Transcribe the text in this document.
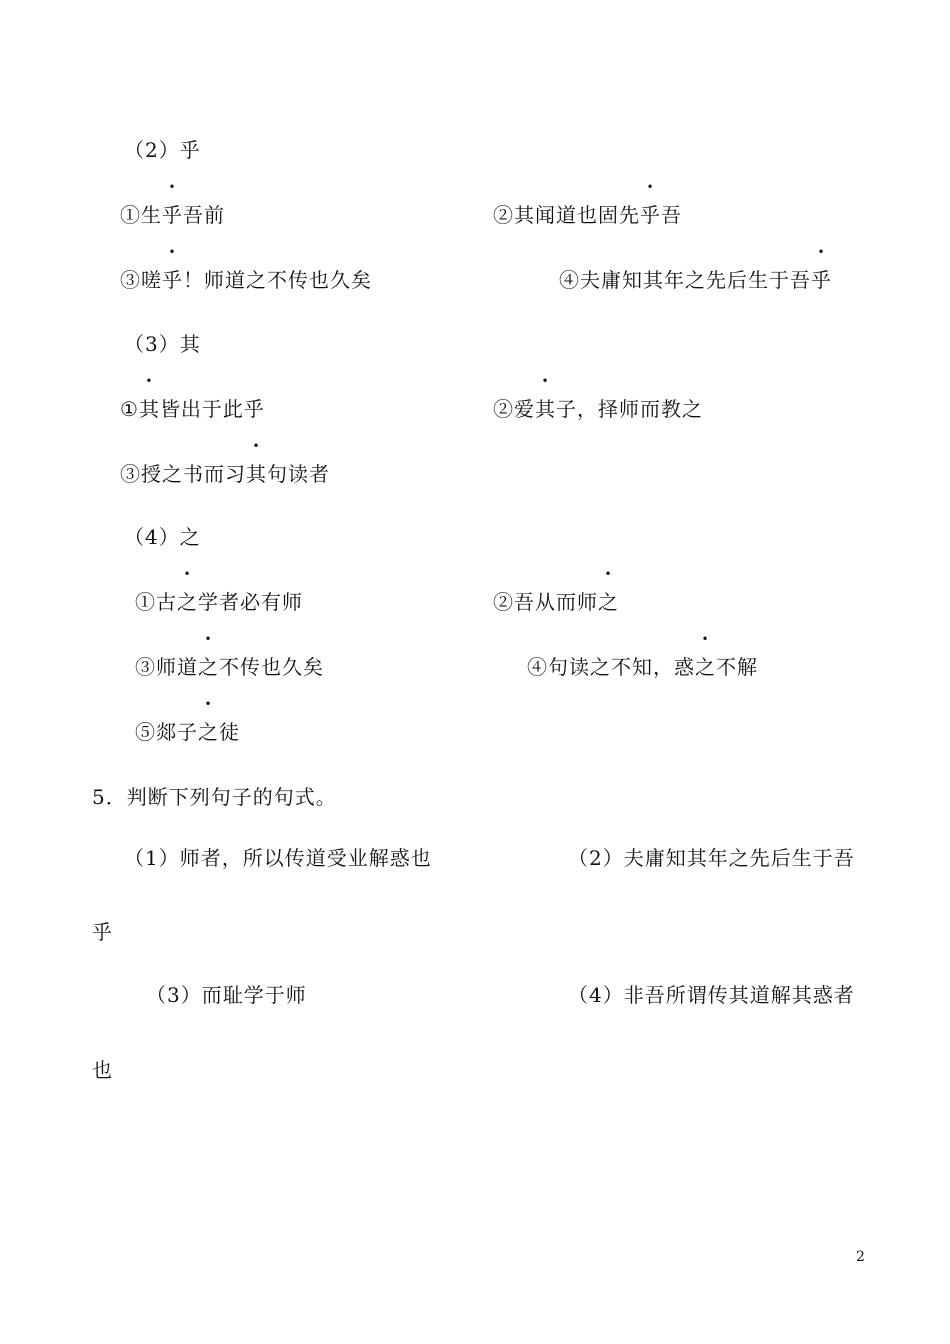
（2）乎
①生乎吾前	②其闻道也固先乎吾
③嗟乎！师道之不传也久矣	④夫庸知其年之先后生于吾乎
（3）其
①其皆出于此乎	②爱其子，择师而教之
③授之书而习其句读者
（4）之
①古之学者必有师	②吾从而师之
③师道之不传也久矣	④句读之不知，惑之不解
⑤郯子之徒
5．判断下列句子的句式。
（1）师者，所以传道受业解惑也	（2）夫庸知其年之先后生于吾
乎
（3）而耻学于师	（4）非吾所谓传其道解其惑者
也
2
